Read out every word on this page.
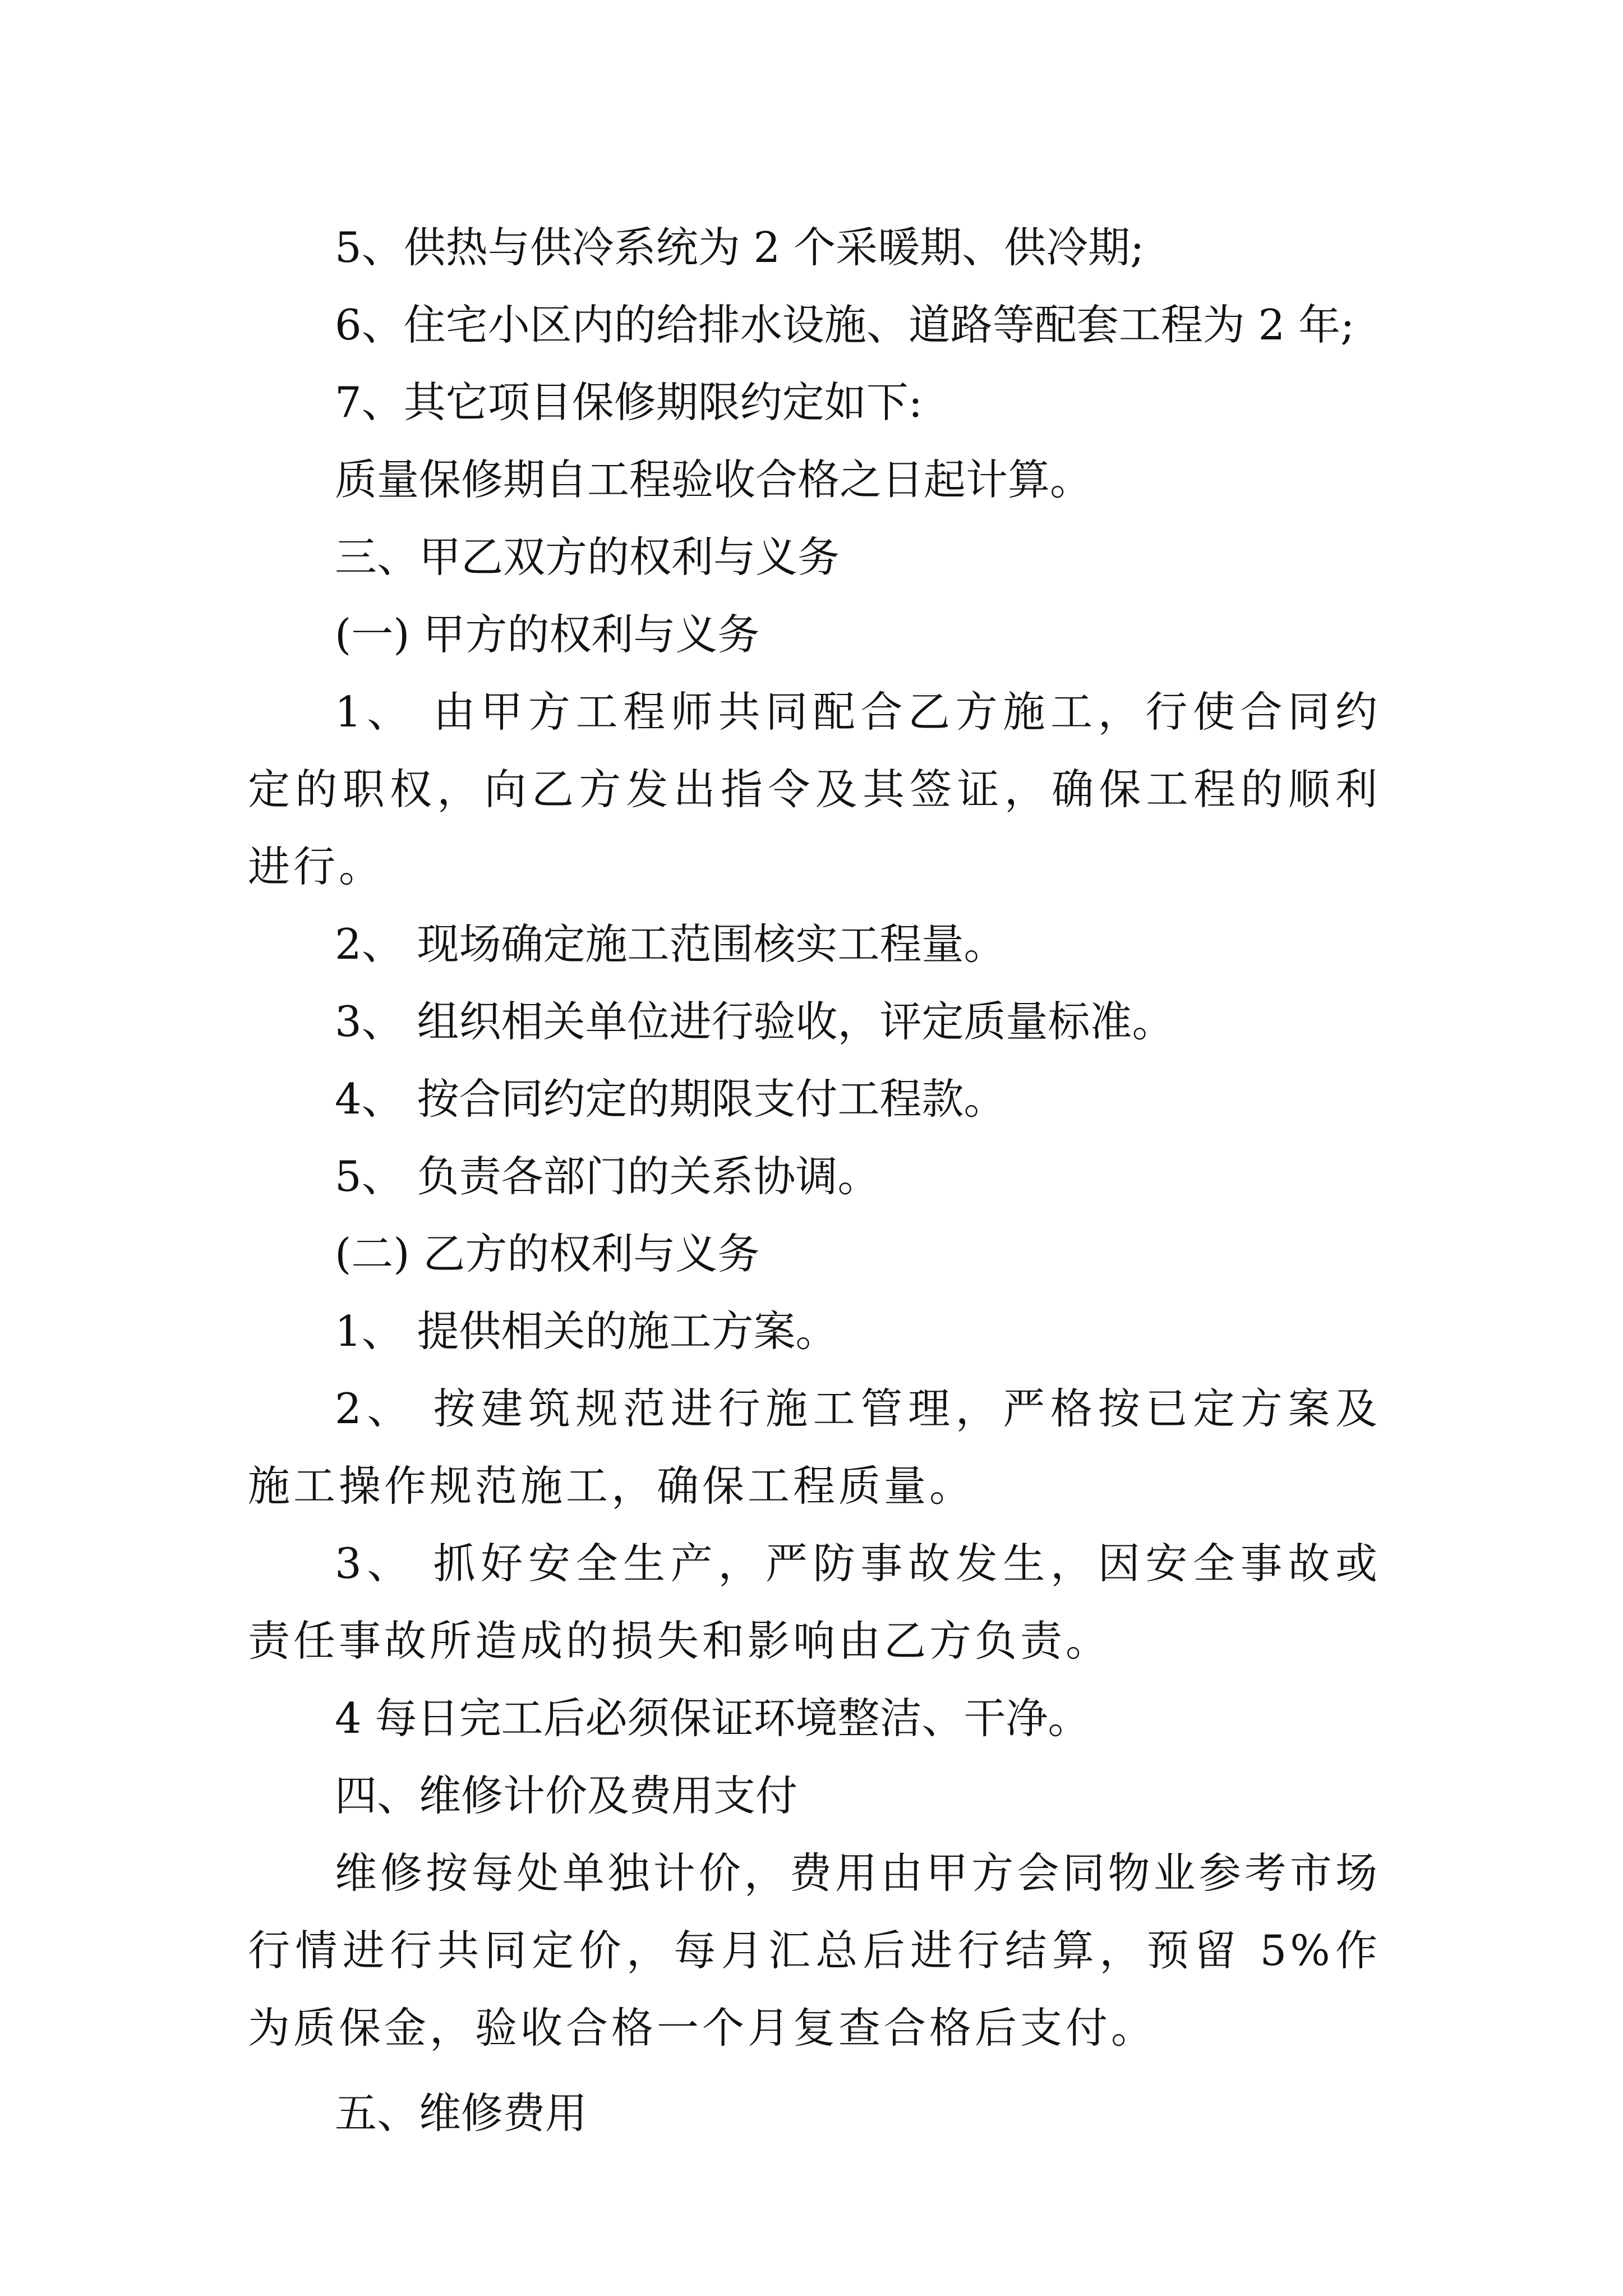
5、供热与供冷系统为 2 个采暖期、供冷期;

6、住宅小区内的给排水设施、道路等配套工程为 2 年;

7、其它项目保修期限约定如下:

质量保修期自工程验收合格之日起计算。

三、甲乙双方的权利与义务

(一) 甲方的权利与义务

1、 由甲方工程师共同配合乙方施工，行使合同约定的职权，向乙方发出指令及其签证，确保工程的顺利进行。

2、 现场确定施工范围核实工程量。

3、 组织相关单位进行验收，评定质量标准。

4、 按合同约定的期限支付工程款。

5、 负责各部门的关系协调。

(二) 乙方的权利与义务

1、 提供相关的施工方案。

2、 按建筑规范进行施工管理，严格按已定方案及施工操作规范施工，确保工程质量。

3、 抓好安全生产，严防事故发生，因安全事故或责任事故所造成的损失和影响由乙方负责。

4 每日完工后必须保证环境整洁、干净。

四、维修计价及费用支付

维修按每处单独计价，费用由甲方会同物业参考市场行情进行共同定价，每月汇总后进行结算，预留 5%作为质保金，验收合格一个月复查合格后支付。

五、维修费用
